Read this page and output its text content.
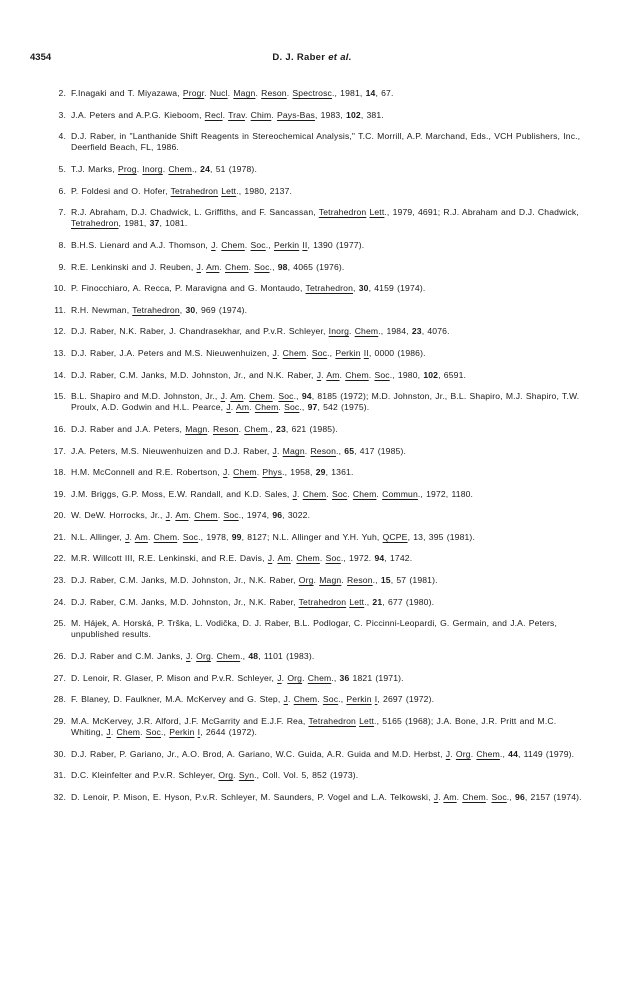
4354	D. J. Raber et al.
2. F.Inagaki and T. Miyazawa, Progr. Nucl. Magn. Reson. Spectrosc., 1981, 14, 67.
3. J.A. Peters and A.P.G. Kieboom, Recl. Trav. Chim. Pays-Bas, 1983, 102, 381.
4. D.J. Raber, in "Lanthanide Shift Reagents in Stereochemical Analysis," T.C. Morrill, A.P. Marchand, Eds., VCH Publishers, Inc., Deerfield Beach, FL, 1986.
5. T.J. Marks, Prog. Inorg. Chem., 24, 51 (1978).
6. P. Foldesi and O. Hofer, Tetrahedron Lett., 1980, 2137.
7. R.J. Abraham, D.J. Chadwick, L. Griffiths, and F. Sancassan, Tetrahedron Lett., 1979, 4691; R.J. Abraham and D.J. Chadwick, Tetrahedron, 1981, 37, 1081.
8. B.H.S. Lienard and A.J. Thomson, J. Chem. Soc., Perkin II, 1390 (1977).
9. R.E. Lenkinski and J. Reuben, J. Am. Chem. Soc., 98, 4065 (1976).
10. P. Finocchiaro, A. Recca, P. Maravigna and G. Montaudo, Tetrahedron, 30, 4159 (1974).
11. R.H. Newman, Tetrahedron, 30, 969 (1974).
12. D.J. Raber, N.K. Raber, J. Chandrasekhar, and P.v.R. Schleyer, Inorg. Chem., 1984, 23, 4076.
13. D.J. Raber, J.A. Peters and M.S. Nieuwenhuizen, J. Chem. Soc., Perkin II, 0000 (1986).
14. D.J. Raber, C.M. Janks, M.D. Johnston, Jr., and N.K. Raber, J. Am. Chem. Soc., 1980, 102, 6591.
15. B.L. Shapiro and M.D. Johnston, Jr., J. Am. Chem. Soc., 94, 8185 (1972); M.D. Johnston, Jr., B.L. Shapiro, M.J. Shapiro, T.W. Proulx, A.D. Godwin and H.L. Pearce, J. Am. Chem. Soc., 97, 542 (1975).
16. D.J. Raber and J.A. Peters, Magn. Reson. Chem., 23, 621 (1985).
17. J.A. Peters, M.S. Nieuwenhuizen and D.J. Raber, J. Magn. Reson., 65, 417 (1985).
18. H.M. McConnell and R.E. Robertson, J. Chem. Phys., 1958, 29, 1361.
19. J.M. Briggs, G.P. Moss, E.W. Randall, and K.D. Sales, J. Chem. Soc. Chem. Commun., 1972, 1180.
20. W. DeW. Horrocks, Jr., J. Am. Chem. Soc., 1974, 96, 3022.
21. N.L. Allinger, J. Am. Chem. Soc., 1978, 99, 8127; N.L. Allinger and Y.H. Yuh, QCPE, 13, 395 (1981).
22. M.R. Willcott III, R.E. Lenkinski, and R.E. Davis, J. Am. Chem. Soc., 1972. 94, 1742.
23. D.J. Raber, C.M. Janks, M.D. Johnston, Jr., N.K. Raber, Org. Magn. Reson., 15, 57 (1981).
24. D.J. Raber, C.M. Janks, M.D. Johnston, Jr., N.K. Raber, Tetrahedron Lett., 21, 677 (1980).
25. M. Hájek, A. Horská, P. Trška, L. Vodička, D. J. Raber, B.L. Podlogar, C. Piccinni-Leopardi, G. Germain, and J.A. Peters, unpublished results.
26. D.J. Raber and C.M. Janks, J. Org. Chem., 48, 1101 (1983).
27. D. Lenoir, R. Glaser, P. Mison and P.v.R. Schleyer, J. Org. Chem., 36 1821 (1971).
28. F. Blaney, D. Faulkner, M.A. McKervey and G. Step, J. Chem. Soc., Perkin I, 2697 (1972).
29. M.A. McKervey, J.R. Alford, J.F. McGarrity and E.J.F. Rea, Tetrahedron Lett., 5165 (1968); J.A. Bone, J.R. Pritt and M.C. Whiting, J. Chem. Soc., Perkin I, 2644 (1972).
30. D.J. Raber, P. Gariano, Jr., A.O. Brod, A. Gariano, W.C. Guida, A.R. Guida and M.D. Herbst, J. Org. Chem., 44, 1149 (1979).
31. D.C. Kleinfelter and P.v.R. Schleyer, Org. Syn., Coll. Vol. 5, 852 (1973).
32. D. Lenoir, P. Mison, E. Hyson, P.v.R. Schleyer, M. Saunders, P. Vogel and L.A. Telkowski, J. Am. Chem. Soc., 96, 2157 (1974).
